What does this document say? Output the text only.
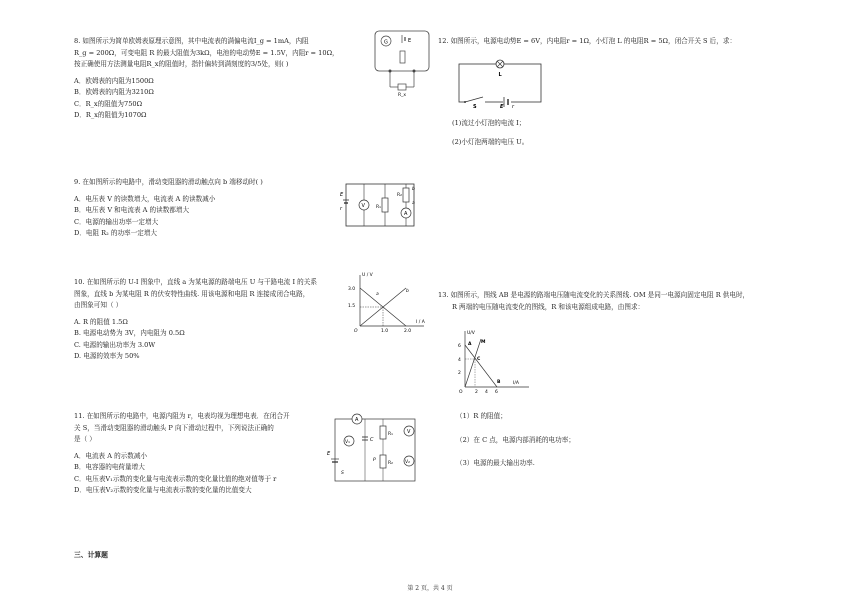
8. 如图所示为简单欧姆表原理示意图，其中电流表的满偏电流I_g = 1mA，内阻
R_g = 200Ω，可变电阻 R 的最大阻值为3kΩ，电池的电动势E = 1.5V，内阻r = 10Ω，
按正确使用方法测量电阻R_x的阻值时，指针偏转到满刻度的3/5处，则( )
A．欧姆表的内阻为1500Ω
B．欧姆表的内阻为3210Ω
C．R_x的阻值为750Ω
D．R_x的阻值为1070Ω
G	E
R_x
9. 在如图所示的电路中，滑动变阻器的滑动触点向 b 端移动时( )
A．电压表 V 的读数增大，电流表 A 的读数减小
B．电压表 V 和电流表 A 的读数都增大
C．电源的输出功率一定增大
D．电阻 R₂ 的功率一定增大
E
r	V R₁
R₂
A
b
a
10. 在如图所示的 U-I 图象中，直线 a 为某电源的路端电压 U 与干路电流 I 的关系
图象，直线 b 为某电阻 R 的伏安特性曲线. 用该电源和电阻 R 连接成闭合电路，
由图象可知（ ）
A. R 的阻值 1.5Ω
B. 电源电动势为 3V，内电阻为 0.5Ω
C. 电源的输出功率为 3.0W
D. 电源的效率为 50%
U / V
3.0
1.5
O	1.0	2.0
I / A
a
b
11. 在如图所示的电路中，电源内阻为 r，电表均视为理想电表．在闭合开
关 S，当滑动变阻器的滑动触头 P 向下滑动过程中，下列说法正确的
是（ ）
A．电流表 A 的示数减小
B．电容器的电荷量增大
C．电压表V₁示数的变化量与电流表示数的变化量比值的绝对值等于 r
D．电压表V₂示数的变化量与电流表示数的变化量的比值变大
A
V₁	C
R₁
R₂
P
V
V₂
E
S
12. 如图所示，电源电动势E = 6V，内电阻r = 1Ω，小灯泡 L 的电阻R = 5Ω，闭合开关 S 后，求：
L
S	E r
(1)流过小灯泡的电流 I；
(2)小灯泡两端的电压 U。
13. 如图所示，图线 AB 是电源的路端电压随电流变化的关系图线. OM 是同一电源向固定电阻 R 供电时，
R 两端的电压随电流变化的图线，R 和该电源组成电路，由图求：
U/V
6
4
2
O	2 4 6
I/A
A M
C
B
（1）R 的阻值；
（2）在 C 点，电源内部消耗的电功率；
（3）电源的最大输出功率.
三、计算题
第 2 页，共 4 页
